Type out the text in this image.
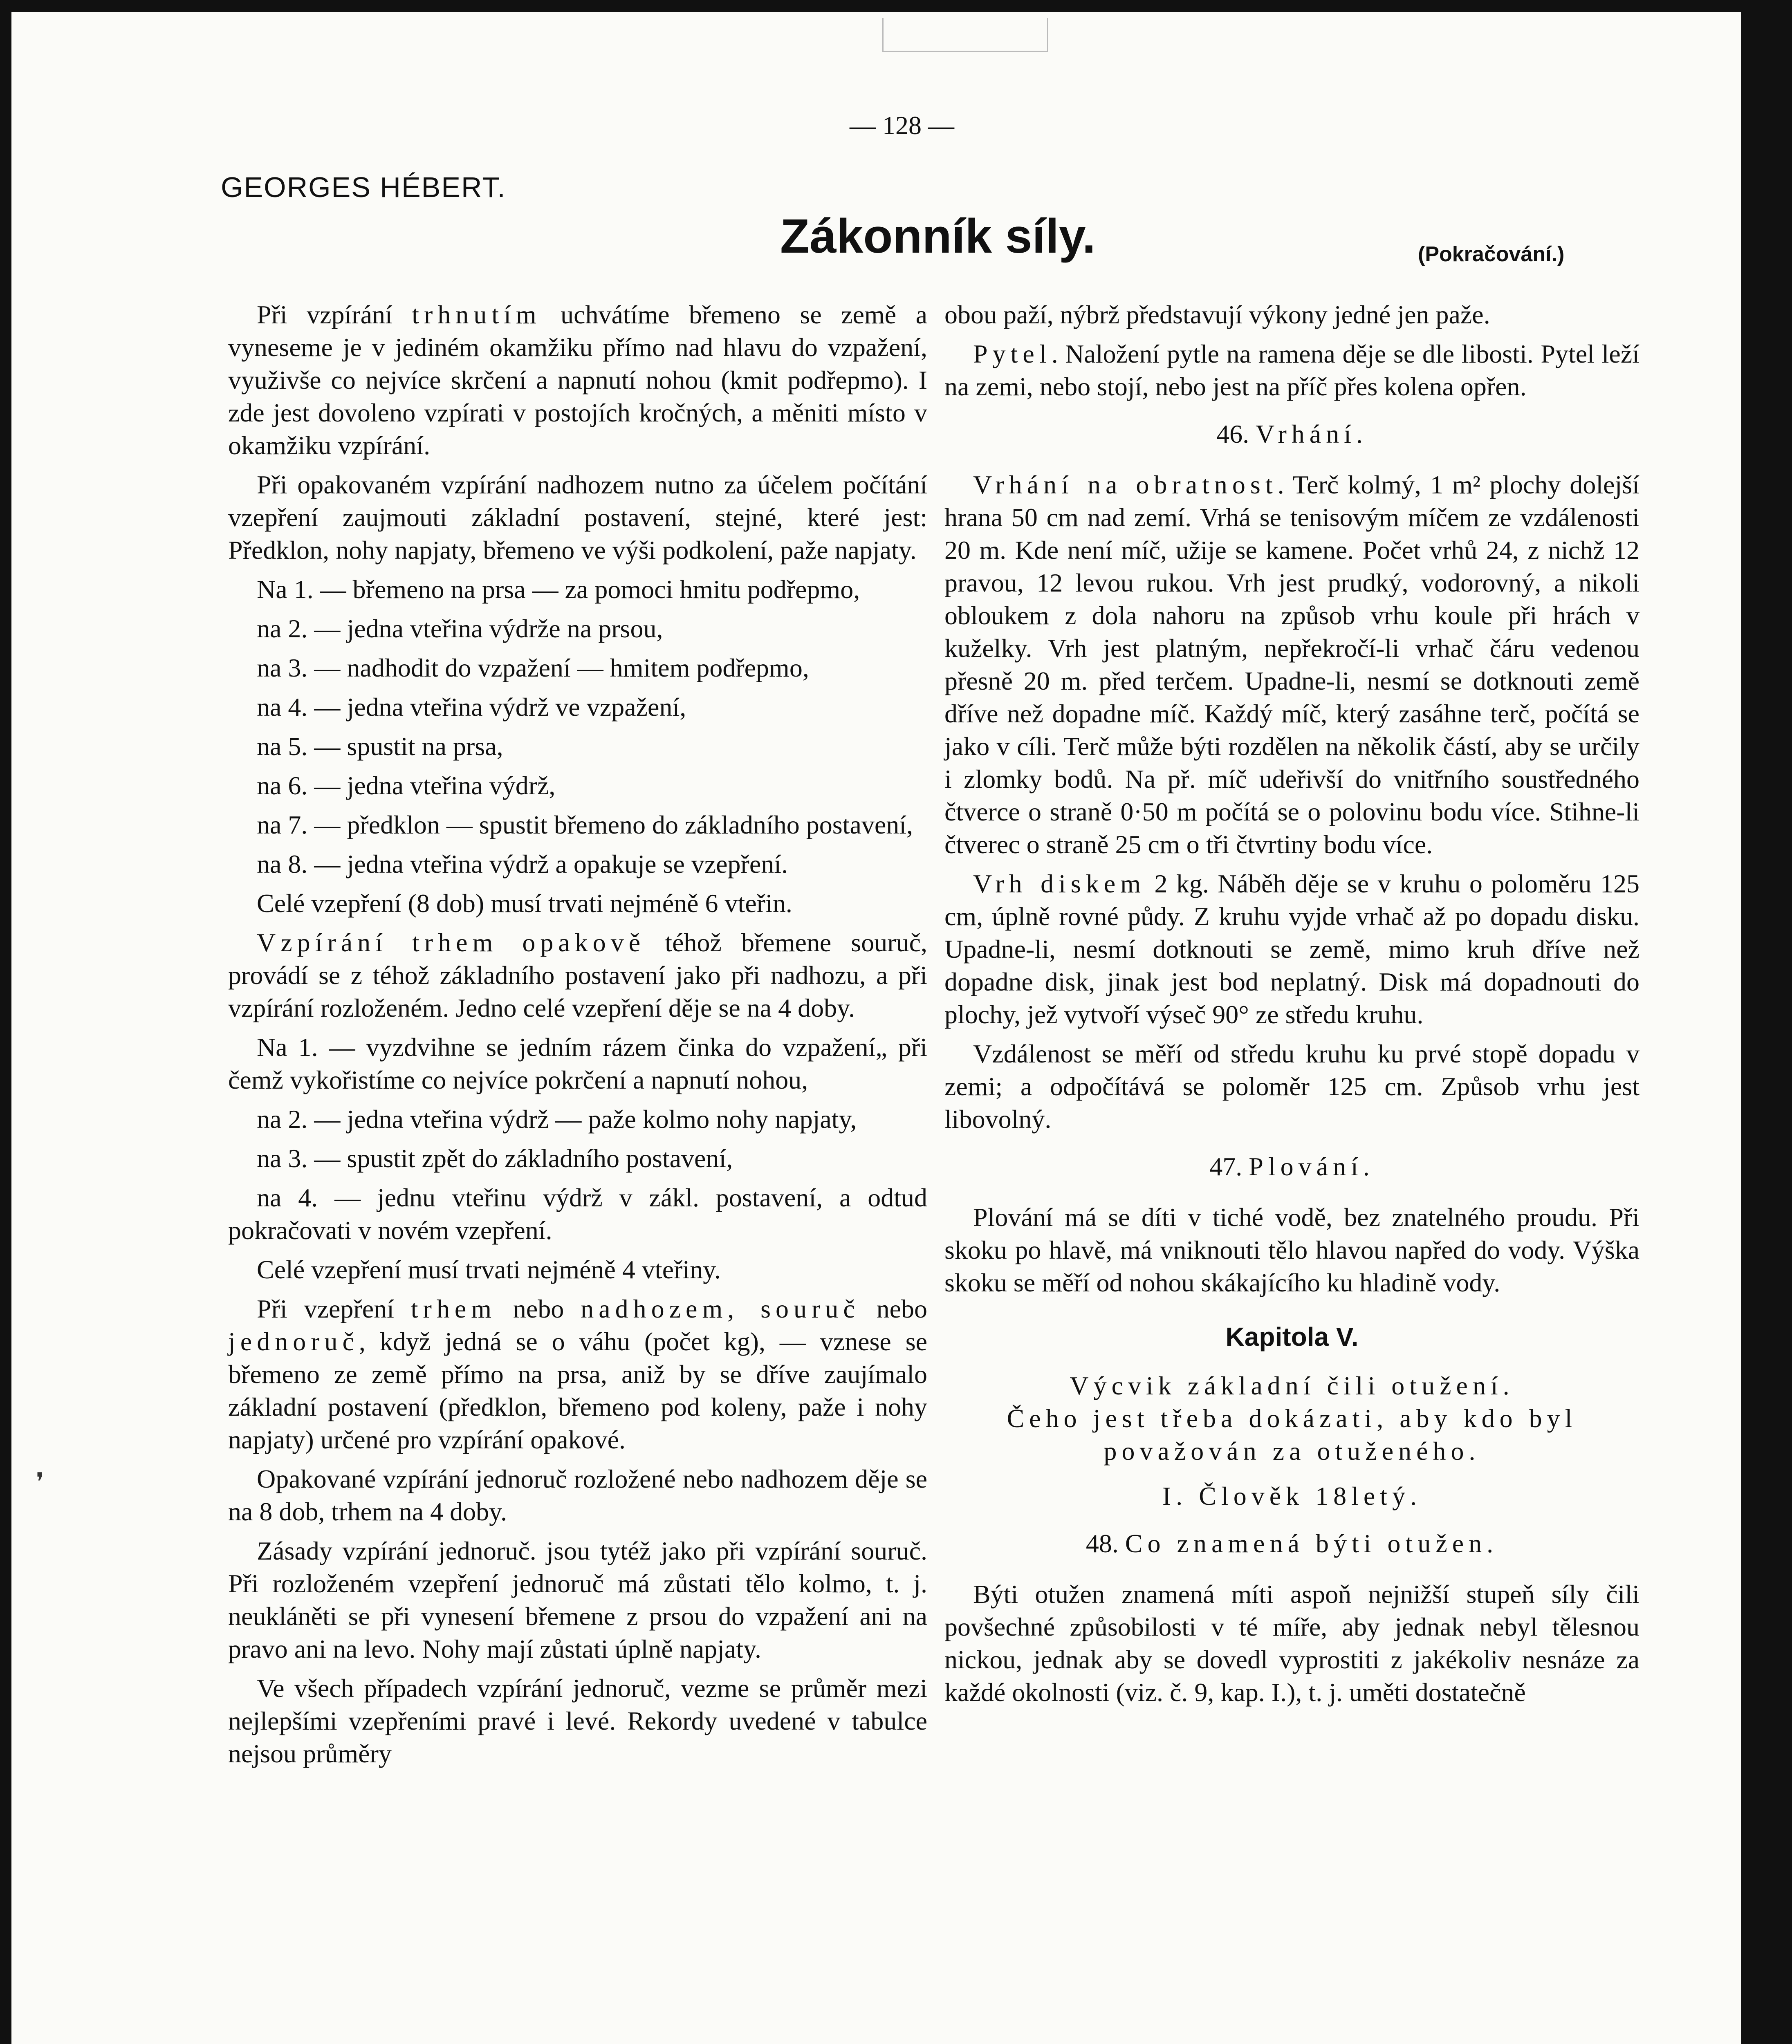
❜
— 128 —
GEORGES HÉBERT.
Zákonník síly.	(Pokračování.)

Při vzpírání trhnutím uchvátíme břemeno se země a vyneseme je v jediném okamžiku přímo nad hlavu do vzpažení, využivše co nejvíce skrčení a napnutí nohou (kmit podřepmo). I zde jest dovoleno vzpírati v postojích kročných, a měniti místo v okamžiku vzpírání.

Při opakovaném vzpírání nadhozem nutno za účelem počítání vzepření zaujmouti základní postavení, stejné, které jest: Předklon, nohy napjaty, břemeno ve výši podkolení, paže napjaty.

Na 1. — břemeno na prsa — za pomoci hmitu podřepmo,

na 2. — jedna vteřina výdrže na prsou,

na 3. — nadhodit do vzpažení — hmitem podřepmo,

na 4. — jedna vteřina výdrž ve vzpažení,

na 5. — spustit na prsa,

na 6. — jedna vteřina výdrž,

na 7. — předklon — spustit břemeno do základního postavení,

na 8. — jedna vteřina výdrž a opakuje se vzepření.

Celé vzepření (8 dob) musí trvati nejméně 6 vteřin.

Vzpírání trhem opakově téhož břemene souruč, provádí se z téhož základního postavení jako při nadhozu, a při vzpírání rozloženém. Jedno celé vzepření děje se na 4 doby.

Na 1. — vyzdvihne se jedním rázem činka do vzpažení„ při čemž vykořistíme co nejvíce pokrčení a napnutí nohou,

na 2. — jedna vteřina výdrž — paže kolmo nohy napjaty,

na 3. — spustit zpět do základního postavení,

na 4. — jednu vteřinu výdrž v zákl. postavení, a odtud pokračovati v novém vzepření.

Celé vzepření musí trvati nejméně 4 vteřiny.

Při vzepření trhem nebo nadhozem, souruč nebo jednoruč, když jedná se o váhu (počet kg), — vznese se břemeno ze země přímo na prsa, aniž by se dříve zaujímalo základní postavení (předklon, břemeno pod koleny, paže i nohy napjaty) určené pro vzpírání opakové.

Opakované vzpírání jednoruč rozložené nebo nadhozem děje se na 8 dob, trhem na 4 doby.

Zásady vzpírání jednoruč. jsou tytéž jako při vzpírání souruč. Při rozloženém vzepření jednoruč má zůstati tělo kolmo, t. j. neukláněti se při vynesení břemene z prsou do vzpažení ani na pravo ani na levo. Nohy mají zůstati úplně napjaty.

Ve všech případech vzpírání jednoruč, vezme se průměr mezi nejlepšími vzepřeními pravé i levé. Rekordy uvedené v tabulce nejsou průměry

obou paží, nýbrž představují výkony jedné jen paže.

Pytel. Naložení pytle na ramena děje se dle libosti. Pytel leží na zemi, nebo stojí, nebo jest na příč přes kolena opřen.

46. Vrhání.

Vrhání na obratnost. Terč kolmý, 1 m² plochy dolejší hrana 50 cm nad zemí. Vrhá se tenisovým míčem ze vzdálenosti 20 m. Kde není míč, užije se kamene. Počet vrhů 24, z nichž 12 pravou, 12 levou rukou. Vrh jest prudký, vodorovný, a nikoli obloukem z dola nahoru na způsob vrhu koule při hrách v kuželky. Vrh jest platným, nepřekročí-li vrhač čáru vedenou přesně 20 m. před terčem. Upadne-li, nesmí se dotknouti země dříve než dopadne míč. Každý míč, který zasáhne terč, počítá se jako v cíli. Terč může býti rozdělen na několik částí, aby se určily i zlomky bodů. Na př. míč udeřivší do vnitřního soustředného čtverce o straně 0·50 m počítá se o polovinu bodu více. Stihne-li čtverec o straně 25 cm o tři čtvrtiny bodu více.

Vrh diskem 2 kg. Náběh děje se v kruhu o poloměru 125 cm, úplně rovné půdy. Z kruhu vyjde vrhač až po dopadu disku. Upadne-li, nesmí dotknouti se země, mimo kruh dříve než dopadne disk, jinak jest bod neplatný. Disk má dopadnouti do plochy, jež vytvoří výseč 90° ze středu kruhu.

Vzdálenost se měří od středu kruhu ku prvé stopě dopadu v zemi; a odpočítává se poloměr 125 cm. Způsob vrhu jest libovolný.

47. Plování.

Plování má se díti v tiché vodě, bez znatelného proudu. Při skoku po hlavě, má vniknouti tělo hlavou napřed do vody. Výška skoku se měří od nohou skákajícího ku hladině vody.

Kapitola V.

Výcvik základní čili otužení.

Čeho jest třeba dokázati, aby kdo byl považován za otuženého.

I. Člověk 18letý.

48. Co znamená býti otužen.

Býti otužen znamená míti aspoň nejnižší stupeň síly čili povšechné způsobilosti v té míře, aby jednak nebyl tělesnou nickou, jednak aby se dovedl vyprostiti z jakékoliv nesnáze za každé okolnosti (viz. č. 9, kap. I.), t. j. uměti dostatečně
